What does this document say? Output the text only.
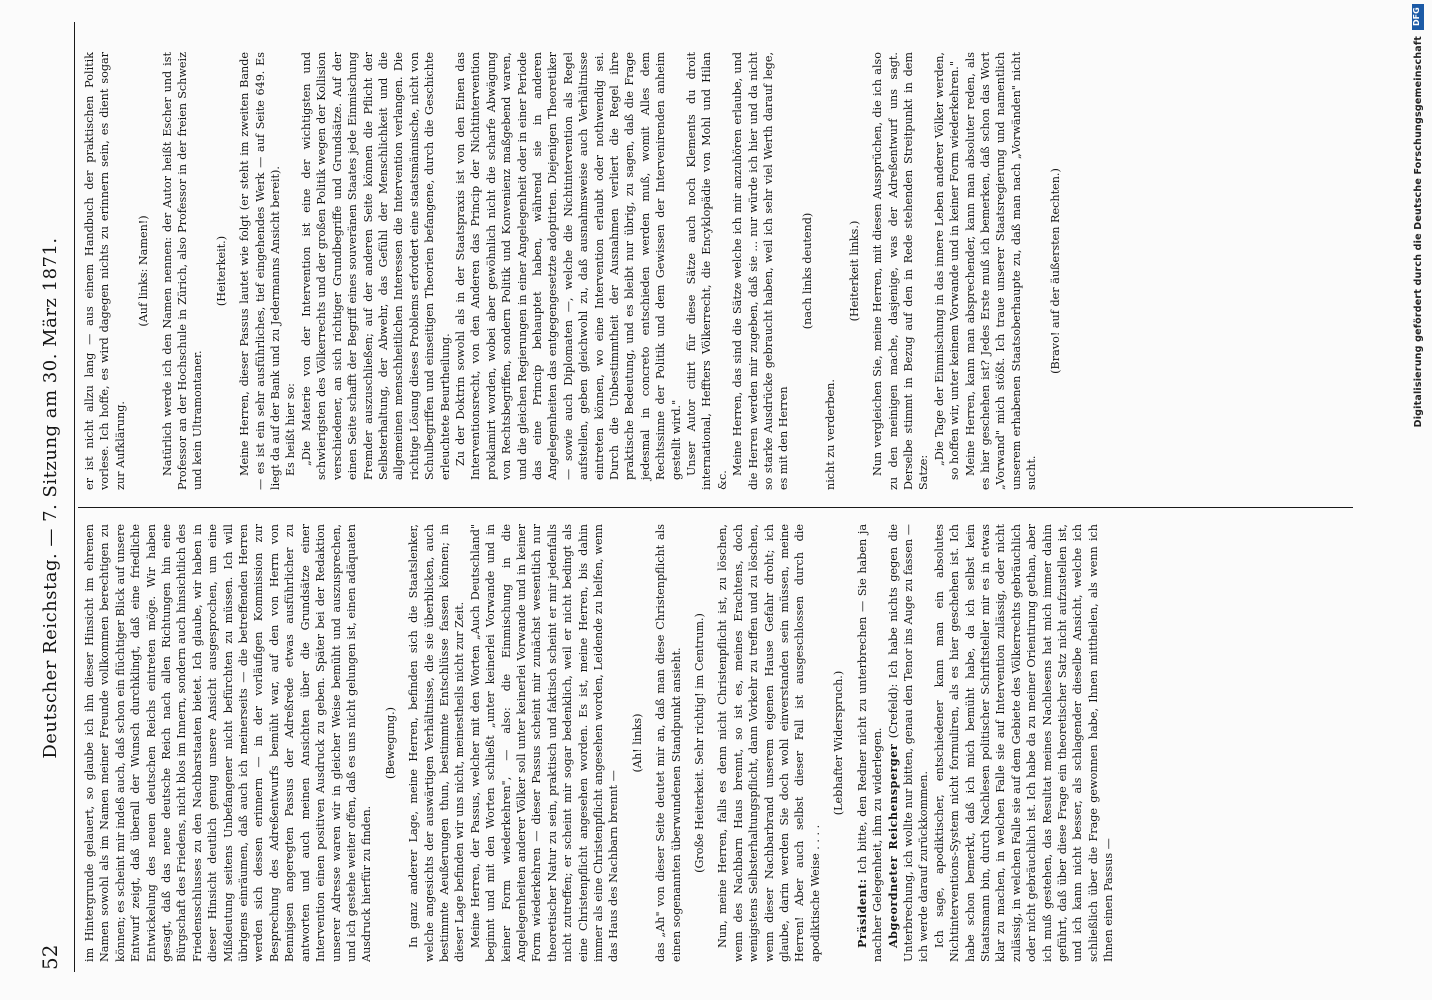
52
Deutscher Reichstag. — 7. Sitzung am 30. März 1871. im Hintergrunde gelauert, so glaube ich ihn dieser Hinsicht im ehrenen Namen sowohl als im Namen meiner Freunde vollkommen berechtigen zu können; es scheint mir indeß auch, daß schon ein flüchtiger Blick auf unsere Entwurf zeigt, daß überall der Wunsch durchklingt, daß eine friedliche Entwickelung des neuen deutschen Reichs eintreten möge. Wir haben gesagt, daß das neue deutsche Reich nach allen Richtungen hin eine Bürgschaft des Friedens, nicht blos im Innern, sondern auch hinsichtlich des Friedensschlusses zu den Nachbarstaaten bietet. Ich glaube, wir haben in dieser Hinsicht deutlich genug unsere Ansicht ausgesprochen, um eine Mißdeutung seitens Unbefangener nicht befürchten zu müssen. Ich will übrigens einräumen, daß auch ich meinerseits — die betreffenden Herren werden sich dessen erinnern — in der vorläufigen Kommission zur Besprechung des Adreßentwurfs bemüht war, auf den von Herrn von Bennigsen angeregten Passus der Adreßrede etwas ausführlicher zu antworten und auch meinen Ansichten über die Grundsätze einer Intervention einen positiven Ausdruck zu geben. Später bei der Redaktion unserer Adresse waren wir in gleicher Weise bemüht und auszusprechen, und ich gestehe weiter offen, daß es uns nicht gelungen ist, einen adäquaten Ausdruck hierfür zu finden.

(Bewegung.) In ganz anderer Lage, meine Herren, befinden sich die Staatslenker, welche angesichts der auswärtigen Verhältnisse, die sie überblicken, auch bestimmte Aeußerungen thun, bestimmte Entschlüsse fassen können; in dieser Lage befinden wir uns nicht, meinestheils nicht zur Zeit. Meine Herren, der Passus, welcher mit den Worten „Auch Deutschland" beginnt und mit den Worten schließt „unter keinerlei Vorwande und in keiner Form wiederkehren", — also: die Einmischung in die Angelegenheiten anderer Völker soll unter keinerlei Vorwande und in keiner Form wiederkehren — dieser Passus scheint mir zunächst wesentlich nur theoretischer Natur zu sein, praktisch und faktisch scheint er mir jedenfalls nicht zutreffen; er scheint mir sogar bedenklich, weil er nicht bedingt als eine Christenpflicht angesehen worden. Es ist, meine Herren, bis dahin immer als eine Christenpflicht angesehen worden, Leidende zu helfen, wenn das Haus des Nachbarn brennt —

(Ah! links) das „Ah" von dieser Seite deutet mir an, daß man diese Christenpflicht als einen sogenannten überwundenen Standpunkt ansieht. (Große Heiterkeit. Sehr richtig! im Centrum.) Nun, meine Herren, falls es denn nicht Christenpflicht ist, zu löschen, wenn des Nachbarn Haus brennt, so ist es, meines Erachtens, doch wenigstens Selbsterhaltungspflicht, dann Vorkehr zu treffen und zu löschen, wenn dieser Nachbarbrand unserem eigenen Hause Gefahr droht; ich glaube, darin werden Sie doch wohl einverstanden sein müssen, meine Herren! Aber auch selbst dieser Fall ist ausgeschlossen durch die apodiktische Weise . . . .

(Lebhafter Widerspruch.)

Präsident: Ich bitte, den Redner nicht zu unterbrechen — Sie haben ja nachher Gelegenheit, ihm zu widerlegen. Abgeordneter Reichensperger (Crefeld): Ich habe nichts gegen die Unterbrechung, ich wollte nur bitten, genau den Tenor ins Auge zu fassen — ich werde darauf zurückkommen. Ich sage, apodiktischer, entschiedener kann man ein absolutes Nichtinterventions-System nicht formuliren, als es hier geschehen ist. Ich habe schon bemerkt, daß ich mich bemüht habe, da ich selbst kein Staatsmann bin, durch Nachlesen politischer Schriftsteller mir es in etwas klar zu machen, in welchen Falle sie auf Intervention zulässig, oder nicht zulässig, in welchen Falle sie auf dem Gebiete des Völkerrechts gebräuchlich oder nicht gebräuchlich ist. Ich habe da zu meiner Orientirung gethan, aber ich muß gestehen, das Resultat meines Nachlesens hat mich immer dahin geführt, daß über diese Frage ein theoretischer Satz nicht aufzustellen ist, und ich kann nicht besser, als schlagender dieselbe Ansicht, welche ich schließlich über die Frage gewonnen habe, Ihnen mittheilen, als wenn ich Ihnen einen Passus —

er ist nicht allzu lang — aus einem Handbuch der praktischen Politik vorlese. Ich hoffe, es wird dagegen nichts zu erinnern sein, es dient sogar zur Aufklärung.

(Auf links: Namen!) Natürlich werde ich den Namen nennen: der Autor heißt Escher und ist Professor an der Hochschule in Zürich, also Professor in der freien Schweiz und kein Ultramontaner.

(Heiterkeit.) Meine Herren, dieser Passus lautet wie folgt (er steht im zweiten Bande — es ist ein sehr ausführliches, tief eingehendes Werk — auf Seite 649. Es liegt da auf der Bank und zu Jedermanns Ansicht bereit). Es heißt hier so: „Die Materie von der Intervention ist eine der wichtigsten und schwierigsten des Völkerrechts und der großen Politik wegen der Kollision verschiedener, an sich richtiger Grundbegriffe und Grundsätze. Auf der einen Seite schafft der Begriff eines souveränen Staates jede Einmischung Fremder auszuschließen; auf der anderen Seite können die Pflicht der Selbsterhaltung, der Abwehr, das Gefühl der Menschlichkeit und die allgemeinen menschheitlichen Interessen die Intervention verlangen. Die richtige Lösung dieses Problems erfordert eine staatsmännische, nicht von Schulbegriffen und einseitigen Theorien befangene, durch die Geschichte erleuchtete Beurtheilung. Zu der Doktrin sowohl als in der Staatspraxis ist von den Einen das Interventionsrecht, von den Anderen das Princip der Nichtintervention proklamirt worden, wobei aber gewöhnlich nicht die scharfe Abwägung von Rechtsbegriffen, sondern Politik und Konvenienz maßgebend waren, und die gleichen Regierungen in einer Angelegenheit oder in einer Periode das eine Princip behauptet haben, während sie in anderen Angelegenheiten das entgegengesetzte adoptirten. Diejenigen Theoretiker — sowie auch Diplomaten —, welche die Nichtintervention als Regel aufstellen, geben gleichwohl zu, daß ausnahmsweise auch Verhältnisse eintreten können, wo eine Intervention erlaubt oder nothwendig sei. Durch die Unbestimmtheit der Ausnahmen verliert die Regel ihre praktische Bedeutung, und es bleibt nur übrig, zu sagen, daß die Frage jedesmal in concreto entschieden werden muß, womit Alles dem Rechtssinne der Politik und dem Gewissen der Intervenirenden anheim gestellt wird." Unser Autor citirt für diese Sätze auch noch Klements du droit international, Heffters Völkerrecht, die Encyklopädie von Mohl und Hilan &c.

Meine Herren, das sind die Sätze welche ich mir anzuhören erlaube, und die Herren werden mir zugeben, daß sie ... nur würde ich hier und da nicht so starke Ausdrücke gebraucht haben, weil ich sehr viel Werth darauf lege, es mit den Herren

(nach links deutend)

nicht zu verderben.

(Heiterkeit links.) Nun vergleichen Sie, meine Herren, mit diesen Aussprüchen, die ich also zu den meinigen mache, dasjenige, was der Adreßentwurf uns sagt. Derselbe stimmt in Bezug auf den in Rede stehenden Streitpunkt in dem Satze:

„Die Tage der Einmischung in das innere Leben anderer Völker werden, so hoffen wir, unter keinem Vorwande und in keiner Form wiederkehren." Meine Herren, kann man absprechender, kann man absoluter reden, als es hier geschehen ist? Jedes Erste muß ich bemerken, daß schon das Wort „Vorwand" mich stößt. Ich traue unserer Staatsregierung und namentlich unserem erhabenen Staatsoberhaupte zu, daß man nach „Vorwänden" nicht sucht.

(Bravo! auf der äußersten Rechten.)
DFG
Digitalisierung gefördert durch die Deutsche Forschungsgemeinschaft
